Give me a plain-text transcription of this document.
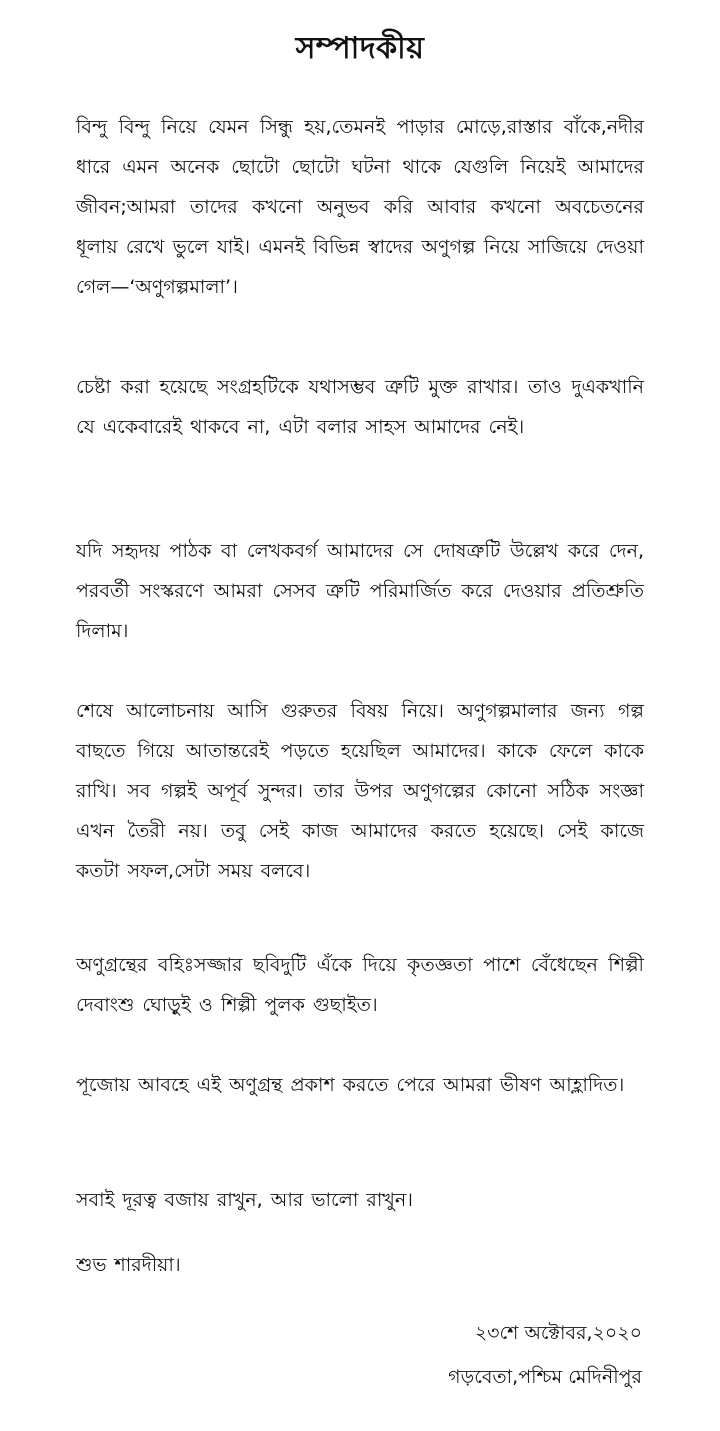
সম্পাদকীয়

বিন্দু বিন্দু নিয়ে যেমন সিন্ধু হয়,তেমনই পাড়ার মোড়ে,রাস্তার বাঁকে,নদীর ধারে এমন অনেক ছোটো ছোটো ঘটনা থাকে যেগুলি নিয়েই আমাদের জীবন;আমরা তাদের কখনো অনুভব করি আবার কখনো অবচেতনের ধূলায় রেখে ভুলে যাই। এমনই বিভিন্ন স্বাদের অণুগল্প নিয়ে সাজিয়ে দেওয়া গেল—‘অণুগল্পমালা’।

চেষ্টা করা হয়েছে সংগ্রহটিকে যথাসম্ভব ত্রুটি মুক্ত রাখার। তাও দুএকখানি যে একেবারেই থাকবে না, এটা বলার সাহস আমাদের নেই।

যদি সহৃদয় পাঠক বা লেখকবর্গ আমাদের সে দোষত্রুটি উল্লেখ করে দেন, পরবর্তী সংস্করণে আমরা সেসব ত্রুটি পরিমার্জিত করে দেওয়ার প্রতিশ্রুতি দিলাম।

শেষে আলোচনায় আসি গুরুতর বিষয় নিয়ে। অণুগল্পমালার জন্য গল্প বাছতে গিয়ে আতান্তরেই পড়তে হয়েছিল আমাদের। কাকে ফেলে কাকে রাখি। সব গল্পই অপূর্ব সুন্দর। তার উপর অণুগল্পের কোনো সঠিক সংজ্ঞা এখন তৈরী নয়। তবু সেই কাজ আমাদের করতে হয়েছে। সেই কাজে কতটা সফল,সেটা সময় বলবে।

অণুগ্রন্থের বহিঃসজ্জার ছবিদুটি এঁকে দিয়ে কৃতজ্ঞতা পাশে বেঁধেছেন শিল্পী দেবাংশু ঘোড়ুই ও শিল্পী পুলক গুছাইত।

পূজোয় আবহে এই অণুগ্রন্থ প্রকাশ করতে পেরে আমরা ভীষণ আহ্লাদিত।

সবাই দূরত্ব বজায় রাখুন, আর ভালো রাখুন।

শুভ শারদীয়া।

২৩শে অক্টোবর,২০২০
গড়বেতা,পশ্চিম মেদিনীপুর
